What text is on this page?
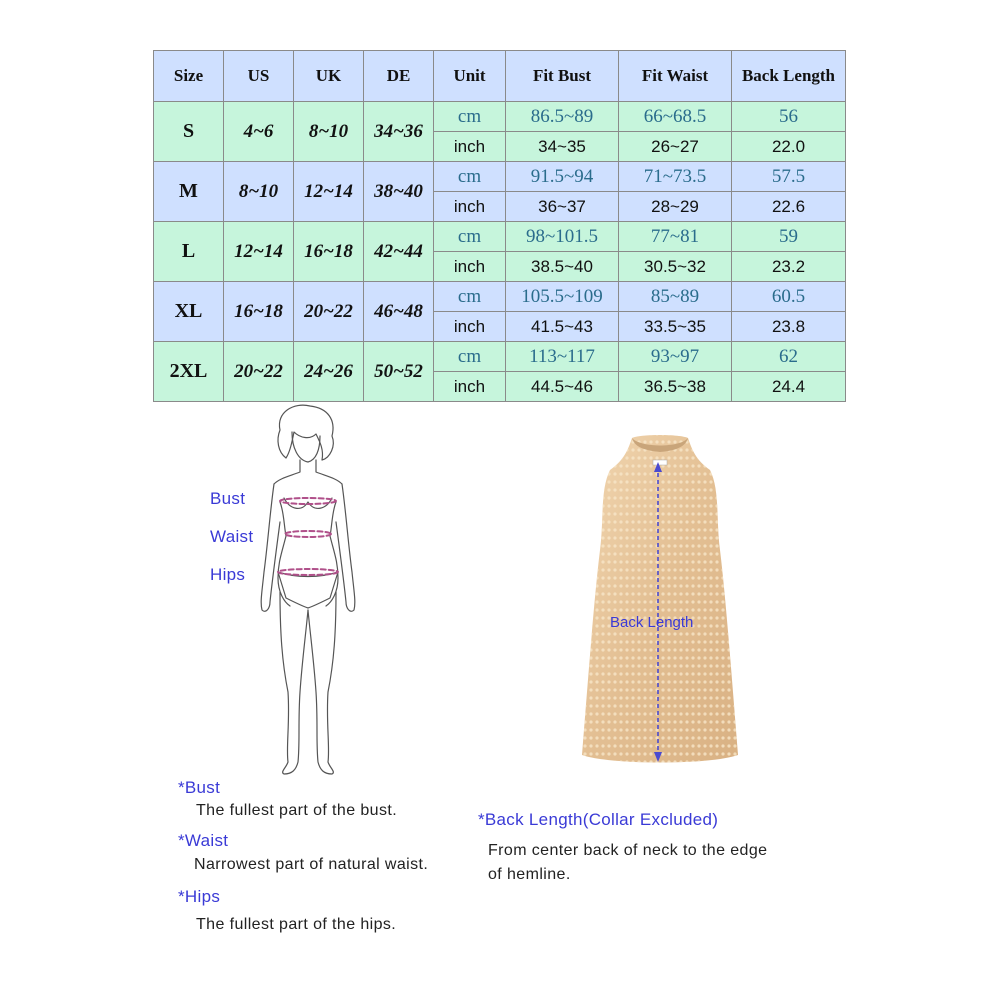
Size	US	UK	DE	Unit	Fit Bust	Fit Waist	Back Length
S	4~6	8~10	34~36	cm	86.5~89	66~68.5	56
				inch	34~35	26~27	22.0
M	8~10	12~14	38~40	cm	91.5~94	71~73.5	57.5
				inch	36~37	28~29	22.6
L	12~14	16~18	42~44	cm	98~101.5	77~81	59
				inch	38.5~40	30.5~32	23.2
XL	16~18	20~22	46~48	cm	105.5~109	85~89	60.5
				inch	41.5~43	33.5~35	23.8
2XL	20~22	24~26	50~52	cm	113~117	93~97	62
				inch	44.5~46	36.5~38	24.4
Bust
Waist
Hips
Back Length
*Bust
The fullest part of the bust.
*Waist
Narrowest part of natural waist.
*Hips
The fullest part of the hips.
*Back Length(Collar Excluded)
From center back of neck to the edge
of hemline.
